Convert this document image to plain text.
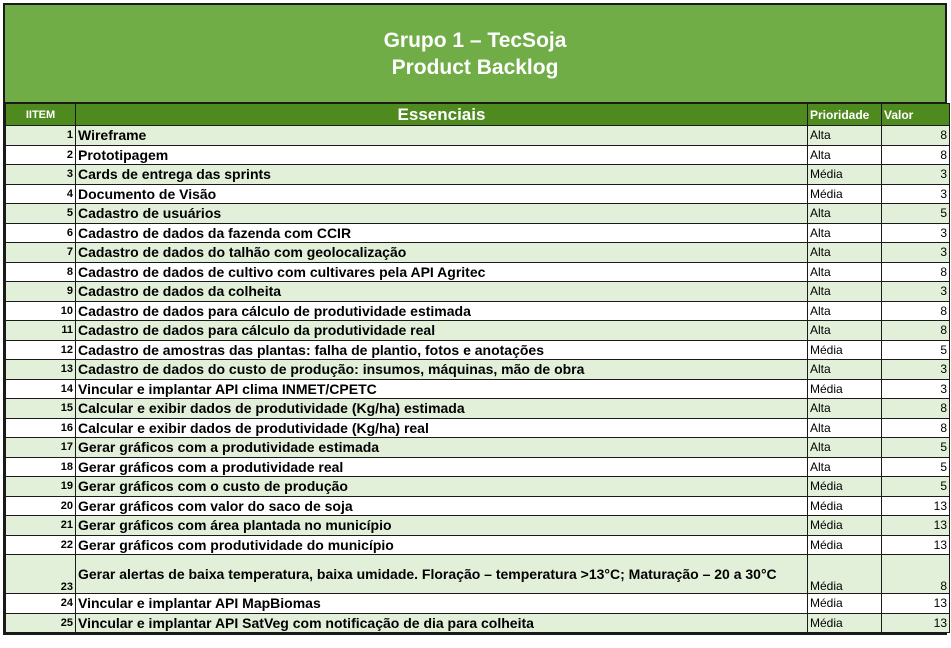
Grupo 1 – TecSoja
Product Backlog
IITEM	Essenciais	Prioridade	Valor
1	Wireframe	Alta	8
2	Prototipagem	Alta	8
3	Cards de entrega das sprints	Média	3
4	Documento de Visão	Média	3
5	Cadastro de usuários	Alta	5
6	Cadastro de dados da fazenda com CCIR	Alta	3
7	Cadastro de dados do talhão com geolocalização	Alta	3
8	Cadastro de dados de cultivo com cultivares pela API Agritec	Alta	8
9	Cadastro de dados da colheita	Alta	3
10	Cadastro de dados para cálculo de produtividade estimada	Alta	8
11	Cadastro de dados para cálculo da produtividade real	Alta	8
12	Cadastro de amostras das plantas: falha de plantio, fotos e anotações	Média	5
13	Cadastro de dados do custo de produção: insumos, máquinas, mão de obra	Alta	3
14	Vincular e implantar API clima INMET/CPETC	Média	3
15	Calcular e exibir dados de produtividade (Kg/ha) estimada	Alta	8
16	Calcular e exibir dados de produtividade (Kg/ha) real	Alta	8
17	Gerar gráficos com a produtividade estimada	Alta	5
18	Gerar gráficos com a produtividade real	Alta	5
19	Gerar gráficos com o custo de produção	Média	5
20	Gerar gráficos com valor do saco de soja	Média	13
21	Gerar gráficos com área plantada no município	Média	13
22	Gerar gráficos com produtividade do município	Média	13
23	Gerar alertas de baixa temperatura, baixa umidade. Floração – temperatura >13°C; Maturação – 20 a 30°C	Média	8
24	Vincular e implantar API MapBiomas	Média	13
25	Vincular e implantar API SatVeg com notificação de dia para colheita	Média	13
